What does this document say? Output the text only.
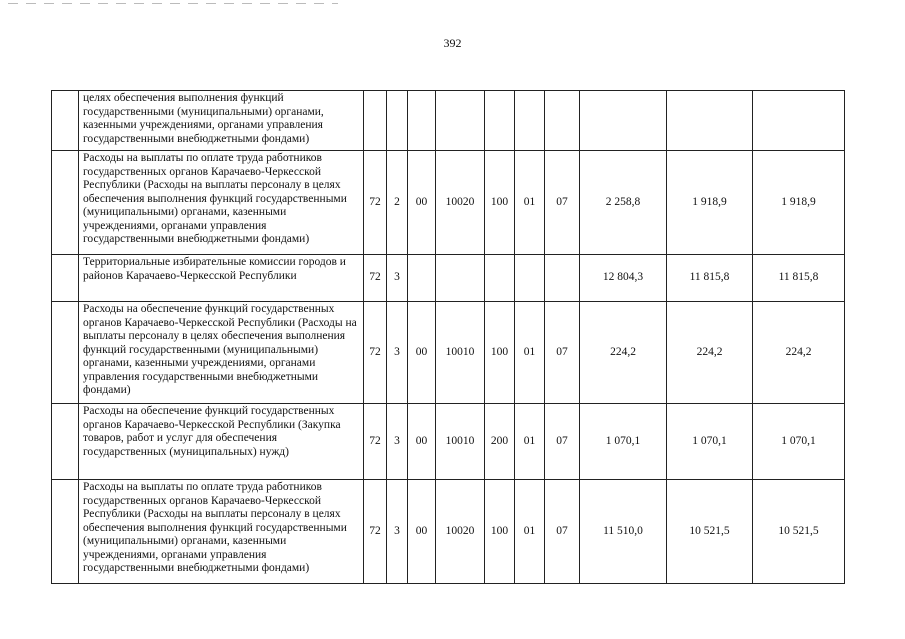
392
	целях обеспечения выполнения функций государственными (муниципальными) органами, казенными учреждениями, органами управления государственными внебюджетными фондами)										
	Расходы на выплаты по оплате труда работников государственных органов Карачаево-Черкесской Республики (Расходы на выплаты персоналу в целях обеспечения выполнения функций государственными (муниципальными) органами, казенными учреждениями, органами управления государственными внебюджетными фондами)	72	2	00	10020	100	01	07	2 258,8	1 918,9	1 918,9
	Территориальные избирательные комиссии городов и районов Карачаево-Черкесской Республики	72	3						12 804,3	11 815,8	11 815,8
	Расходы на обеспечение функций государственных органов Карачаево-Черкесской Республики (Расходы на выплаты персоналу в целях обеспечения выполнения функций государственными (муниципальными) органами, казенными учреждениями, органами управления государственными внебюджетными фондами)	72	3	00	10010	100	01	07	224,2	224,2	224,2
	Расходы на обеспечение функций государственных органов Карачаево-Черкесской Республики (Закупка товаров, работ и услуг для обеспечения государственных (муниципальных) нужд)	72	3	00	10010	200	01	07	1 070,1	1 070,1	1 070,1
	Расходы на выплаты по оплате труда работников государственных органов Карачаево-Черкесской Республики (Расходы на выплаты персоналу в целях обеспечения выполнения функций государственными (муниципальными) органами, казенными учреждениями, органами управления государственными внебюджетными фондами)	72	3	00	10020	100	01	07	11 510,0	10 521,5	10 521,5
